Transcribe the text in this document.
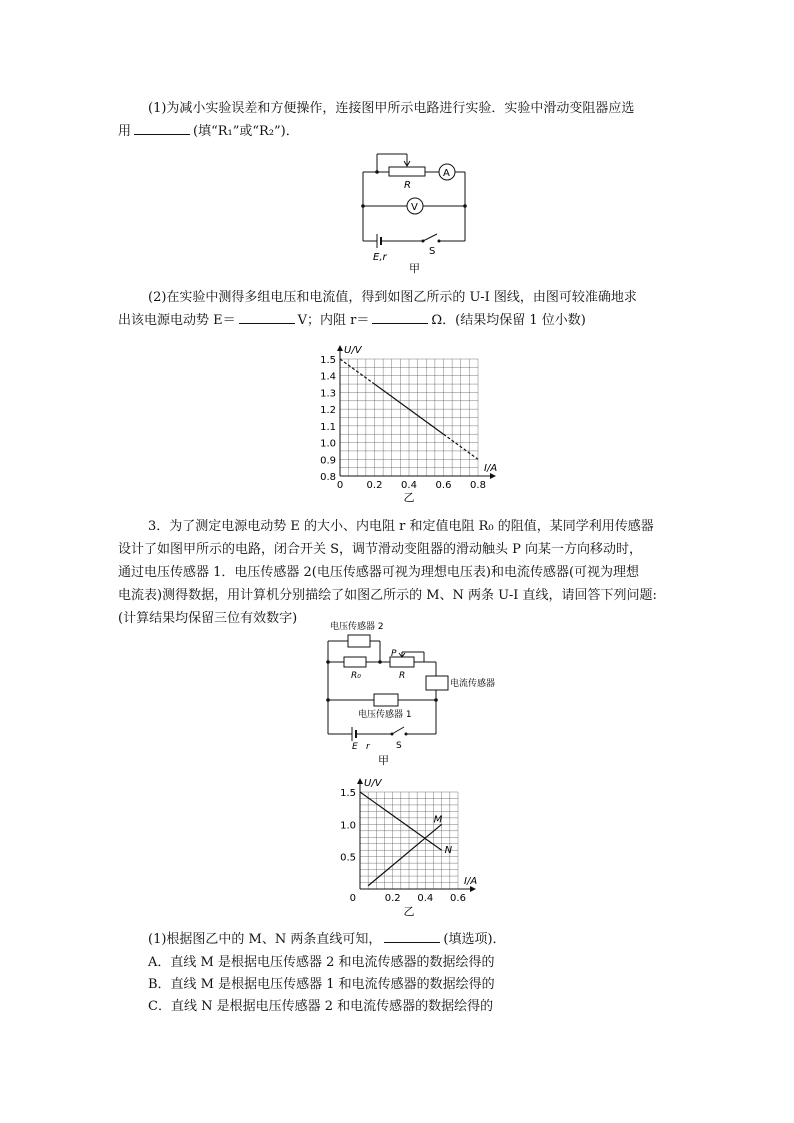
(1)为减小实验误差和方便操作，连接图甲所示电路进行实验．实验中滑动变阻器应选

用	(填“R₁”或“R₂”)．

R
A
V
E,r
S
甲

(2)在实验中测得多组电压和电流值，得到如图乙所示的 U-I 图线，由图可较准确地求

出该电源电动势 E＝	V；内阻 r＝	Ω．(结果均保留 1 位小数)

0 0.2 0.4 0.6 0.8
0.8
0.9
1.0
1.1
1.2
1.3
1.4
1.5
U/V
I/A
乙

3．为了测定电源电动势 E 的大小、内电阻 r 和定值电阻 R₀ 的阻值，某同学利用传感器

设计了如图甲所示的电路，闭合开关 S，调节滑动变阻器的滑动触头 P 向某一方向移动时，

通过电压传感器 1．电压传感器 2(电压传感器可视为理想电压表)和电流传感器(可视为理想

电流表)测得数据，用计算机分别描绘了如图乙所示的 M、N 两条 U-I 直线，请回答下列问题:

(计算结果均保留三位有效数字)

电压传感器 2
R₀
P
R
电流传感器
电压传感器 1
E r	S
甲
0.2 0.4 0.6
0.5
1.0
1.5
0
U/V
I/A
M
N
乙

(1)根据图乙中的 M、N 两条直线可知，	(填选项)．

A．直线 M 是根据电压传感器 2 和电流传感器的数据绘得的
B．直线 M 是根据电压传感器 1 和电流传感器的数据绘得的
C．直线 N 是根据电压传感器 2 和电流传感器的数据绘得的
